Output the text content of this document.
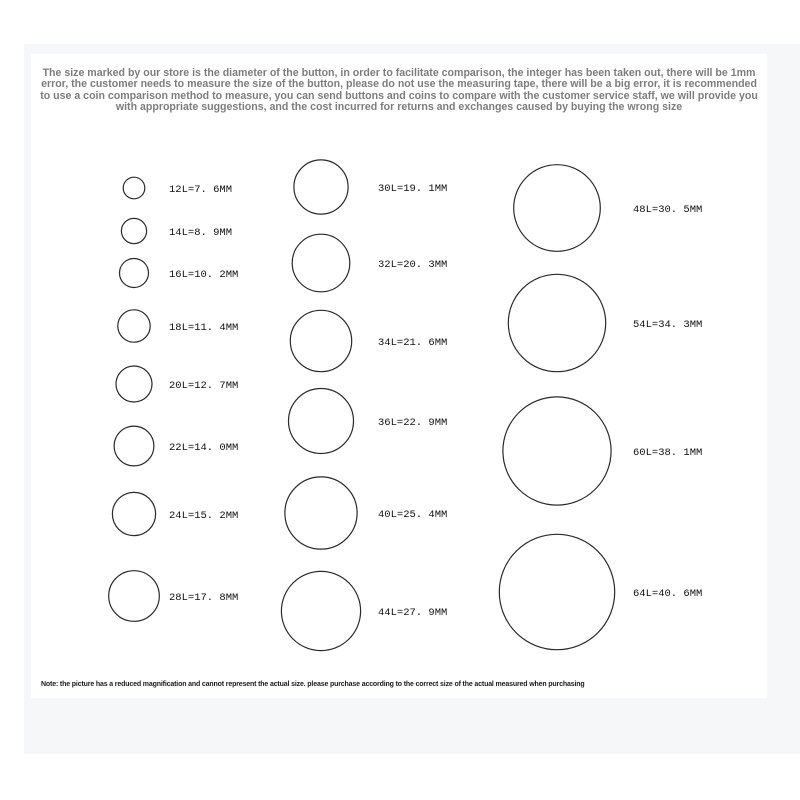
The size marked by our store is the diameter of the button, in order to facilitate comparison, the integer has been taken out, there will be 1mm error, the customer needs to measure the size of the button, please do not use the measuring tape, there will be a big error, it is recommended to use a coin comparison method to measure, you can send buttons and coins to compare with the customer service staff, we will provide you with appropriate suggestions, and the cost incurred for returns and exchanges caused by buying the wrong size

12L=7. 6MM
14L=8. 9MM
16L=10. 2MM
18L=11. 4MM
20L=12. 7MM
22L=14. 0MM
24L=15. 2MM
28L=17. 8MM
30L=19. 1MM
32L=20. 3MM
34L=21. 6MM
36L=22. 9MM
40L=25. 4MM
44L=27. 9MM
48L=30. 5MM
54L=34. 3MM
60L=38. 1MM
64L=40. 6MM

Note: the picture has a reduced magnification and cannot represent the actual size. please purchase according to the correct size of the actual measured when purchasing
